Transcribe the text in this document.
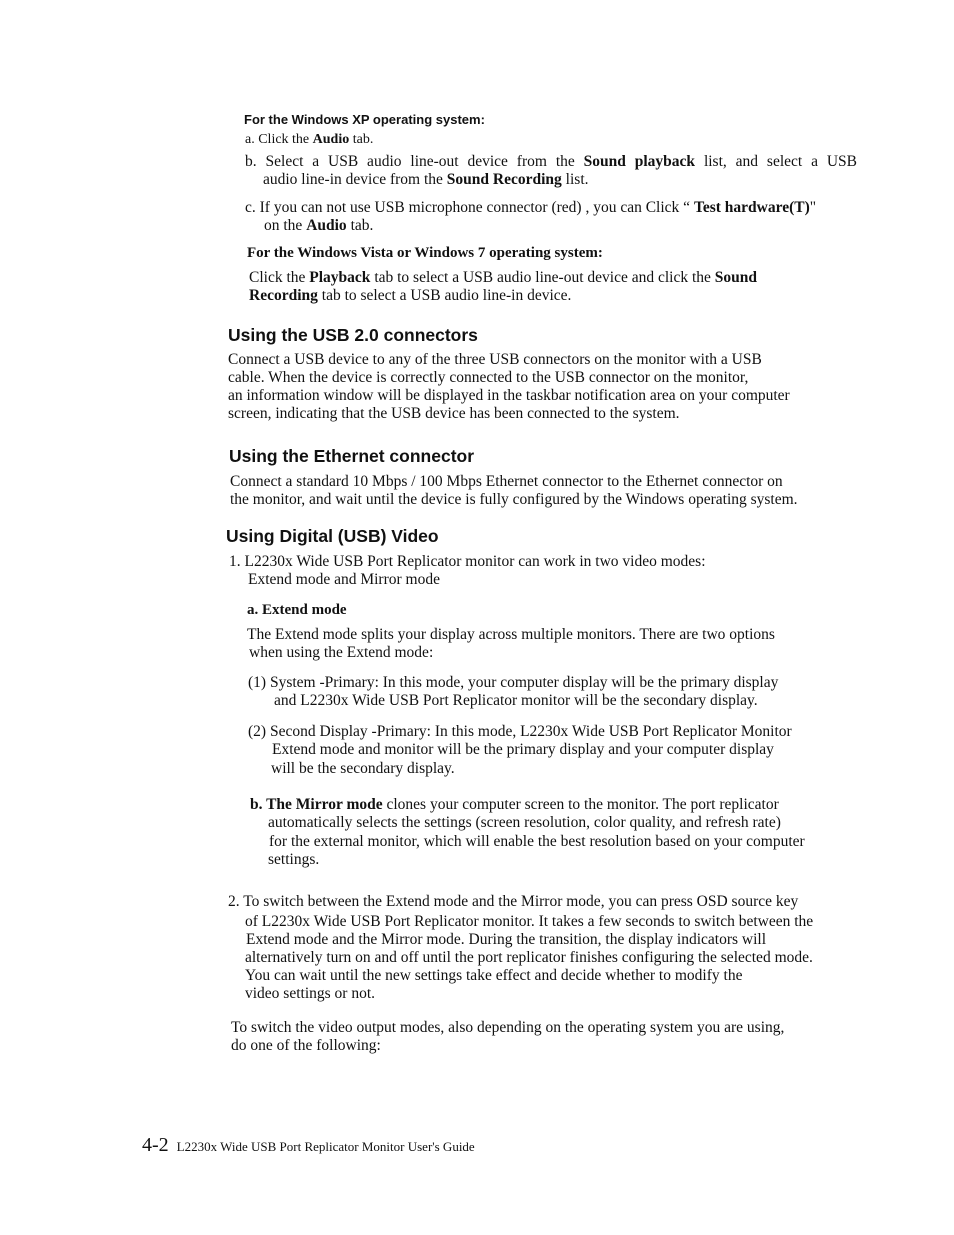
For the Windows XP operating system:
a. Click the Audio tab.
b. Select a USB audio line-out device from the Sound playback list, and select a USB
audio line-in device from the Sound Recording list.
c. If you can not use USB microphone connector (red) , you can Click “ Test hardware(T)"
on the Audio tab.
For the Windows Vista or Windows 7 operating system:
Click the Playback tab to select a USB audio line-out device and click the Sound
Recording tab to select a USB audio line-in device.
Using the USB 2.0 connectors
Connect a USB device to any of the three USB connectors on the monitor with a USB
cable. When the device is correctly connected to the USB connector on the monitor,
an information window will be displayed in the taskbar notification area on your computer
screen, indicating that the USB device has been connected to the system.
Using the Ethernet connector
Connect a standard 10 Mbps / 100 Mbps Ethernet connector to the Ethernet connector on
the monitor, and wait until the device is fully configured by the Windows operating system.
Using Digital (USB) Video
1. L2230x Wide USB Port Replicator monitor can work in two video modes:
Extend mode and Mirror mode
a. Extend mode
The Extend mode splits your display across multiple monitors. There are two options
when using the Extend mode:
(1) System -Primary: In this mode, your computer display will be the primary display
and L2230x Wide USB Port Replicator monitor will be the secondary display.
(2) Second Display -Primary: In this mode, L2230x Wide USB Port Replicator Monitor
Extend mode and monitor will be the primary display and your computer display
will be the secondary display.
b. The Mirror mode clones your computer screen to the monitor. The port replicator
automatically selects the settings (screen resolution, color quality, and refresh rate)
for the external monitor, which will enable the best resolution based on your computer
settings.
2. To switch between the Extend mode and the Mirror mode, you can press OSD source key
of L2230x Wide USB Port Replicator monitor. It takes a few seconds to switch between the
Extend mode and the Mirror mode. During the transition, the display indicators will
alternatively turn on and off until the port replicator finishes configuring the selected mode.
You can wait until the new settings take effect and decide whether to modify the
video settings or not.
To switch the video output modes, also depending on the operating system you are using,
do one of the following:
4-2 L2230x Wide USB Port Replicator Monitor User's Guide
